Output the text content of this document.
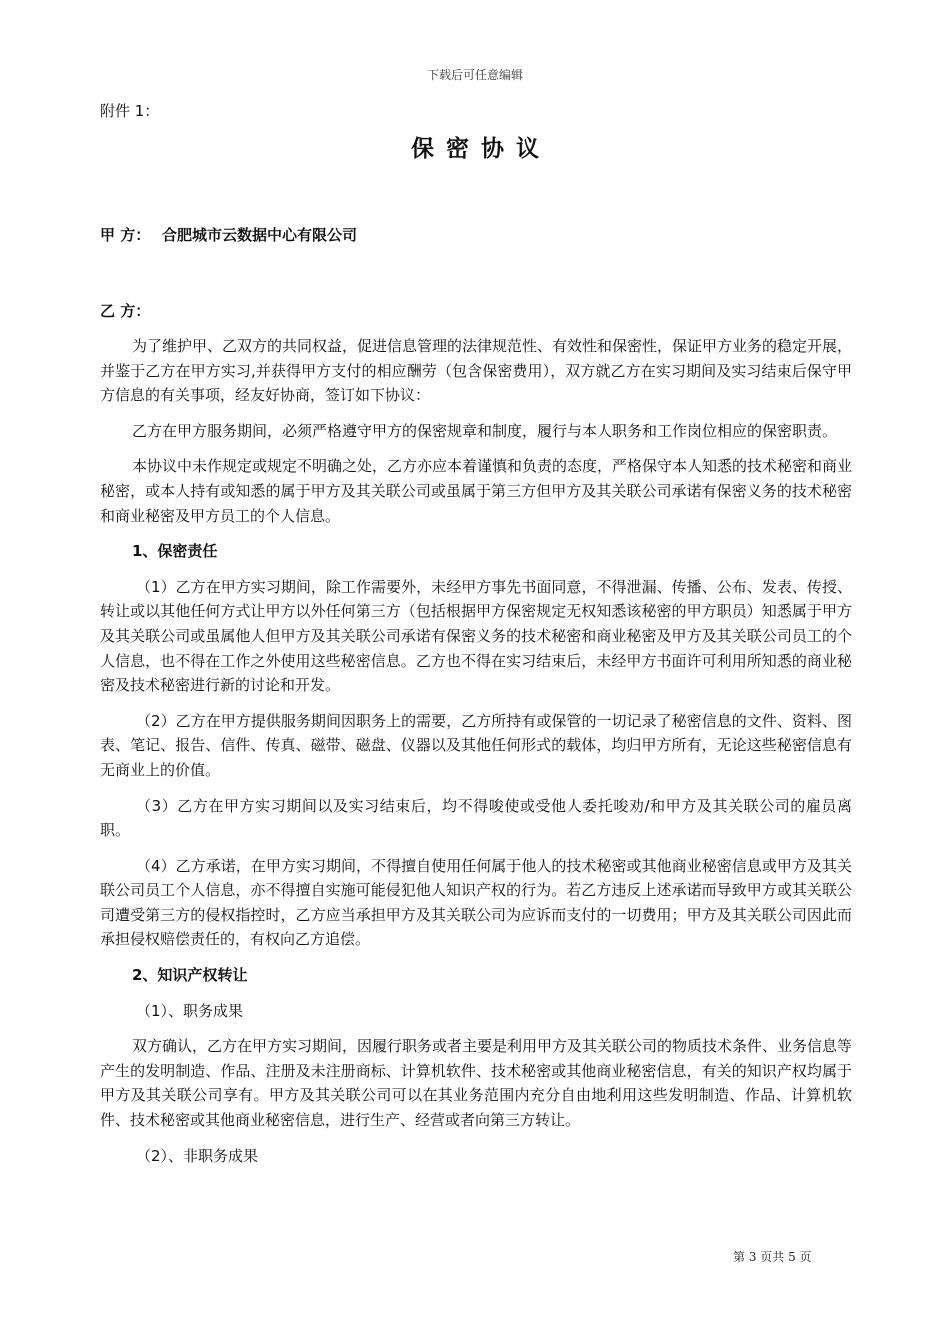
下载后可任意编辑
附件 1：
保密协议
甲 方： 合肥城市云数据中心有限公司
乙 方：

为了维护甲、乙双方的共同权益，促进信息管理的法律规范性、有效性和保密性，保证甲方业务的稳定开展，并鉴于乙方在甲方实习,并获得甲方支付的相应酬劳（包含保密费用），双方就乙方在实习期间及实习结束后保守甲方信息的有关事项，经友好协商，签订如下协议：

乙方在甲方服务期间，必须严格遵守甲方的保密规章和制度，履行与本人职务和工作岗位相应的保密职责。

本协议中未作规定或规定不明确之处，乙方亦应本着谨慎和负责的态度，严格保守本人知悉的技术秘密和商业秘密，或本人持有或知悉的属于甲方及其关联公司或虽属于第三方但甲方及其关联公司承诺有保密义务的技术秘密和商业秘密及甲方员工的个人信息。

1、保密责任

（1）乙方在甲方实习期间，除工作需要外，未经甲方事先书面同意，不得泄漏、传播、公布、发表、传授、转让或以其他任何方式让甲方以外任何第三方（包括根据甲方保密规定无权知悉该秘密的甲方职员）知悉属于甲方及其关联公司或虽属他人但甲方及其关联公司承诺有保密义务的技术秘密和商业秘密及甲方及其关联公司员工的个人信息，也不得在工作之外使用这些秘密信息。乙方也不得在实习结束后，未经甲方书面许可利用所知悉的商业秘密及技术秘密进行新的讨论和开发。

（2）乙方在甲方提供服务期间因职务上的需要，乙方所持有或保管的一切记录了秘密信息的文件、资料、图表、笔记、报告、信件、传真、磁带、磁盘、仪器以及其他任何形式的载体，均归甲方所有，无论这些秘密信息有无商业上的价值。

（3）乙方在甲方实习期间以及实习结束后，均不得唆使或受他人委托唆劝/和甲方及其关联公司的雇员离职。

（4）乙方承诺，在甲方实习期间，不得擅自使用任何属于他人的技术秘密或其他商业秘密信息或甲方及其关联公司员工个人信息，亦不得擅自实施可能侵犯他人知识产权的行为。若乙方违反上述承诺而导致甲方或其关联公司遭受第三方的侵权指控时，乙方应当承担甲方及其关联公司为应诉而支付的一切费用；甲方及其关联公司因此而承担侵权赔偿责任的，有权向乙方追偿。

2、知识产权转让

（1）、职务成果

双方确认，乙方在甲方实习期间，因履行职务或者主要是利用甲方及其关联公司的物质技术条件、业务信息等产生的发明制造、作品、注册及未注册商标、计算机软件、技术秘密或其他商业秘密信息，有关的知识产权均属于甲方及其关联公司享有。甲方及其关联公司可以在其业务范围内充分自由地利用这些发明制造、作品、计算机软件、技术秘密或其他商业秘密信息，进行生产、经营或者向第三方转让。

（2）、非职务成果

第 3 页共 5 页
